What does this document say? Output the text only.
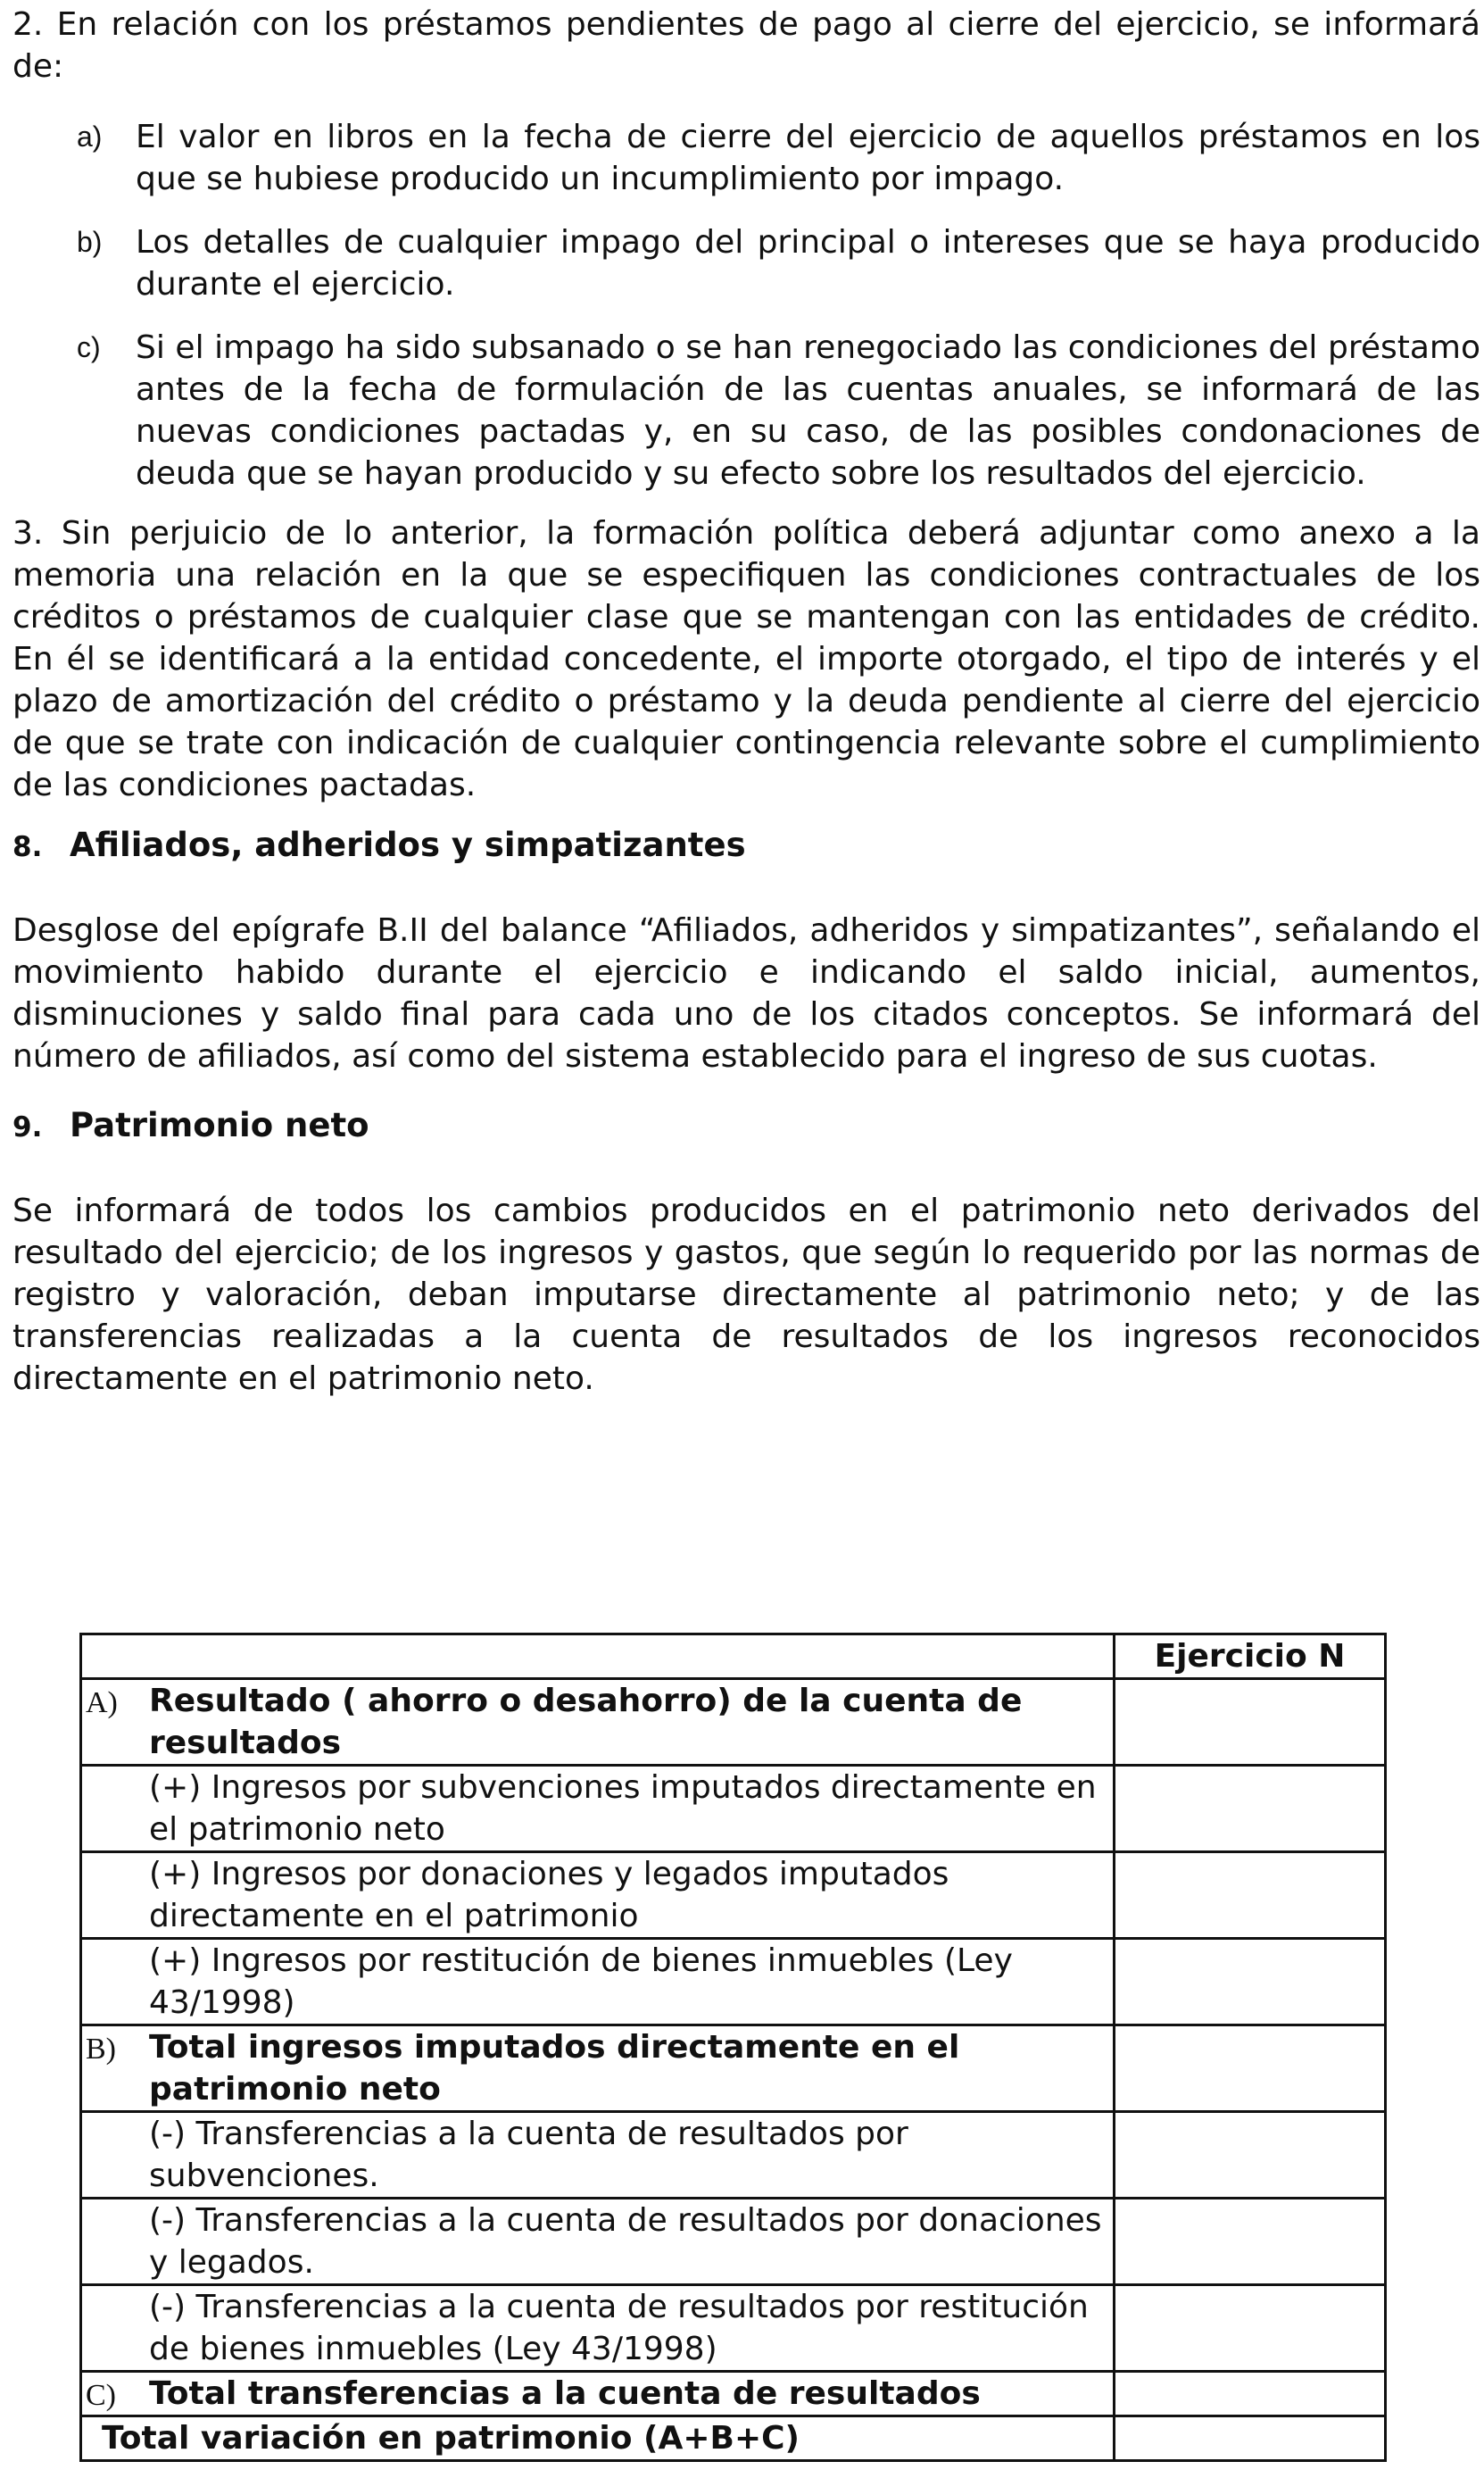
2. En relación con los préstamos pendientes de pago al cierre del ejercicio, se informará de:

a) El valor en libros en la fecha de cierre del ejercicio de aquellos préstamos en los que se hubiese producido un incumplimiento por impago.
b) Los detalles de cualquier impago del principal o intereses que se haya producido durante el ejercicio.
c) Si el impago ha sido subsanado o se han renegociado las condiciones del préstamo antes de la fecha de formulación de las cuentas anuales, se informará de las nuevas condiciones pactadas y, en su caso, de las posibles condonaciones de deuda que se hayan producido y su efecto sobre los resultados del ejercicio.

3. Sin perjuicio de lo anterior, la formación política deberá adjuntar como anexo a la memoria una relación en la que se especifiquen las condiciones contractuales de los créditos o préstamos de cualquier clase que se mantengan con las entidades de crédito. En él se identificará a la entidad concedente, el importe otorgado, el tipo de interés y el plazo de amortización del crédito o préstamo y la deuda pendiente al cierre del ejercicio de que se trate con indicación de cualquier contingencia relevante sobre el cumplimiento de las condiciones pactadas.

8. Afiliados, adheridos y simpatizantes

Desglose del epígrafe B.II del balance “Afiliados, adheridos y simpatizantes”, señalando el movimiento habido durante el ejercicio e indicando el saldo inicial, aumentos, disminuciones y saldo final para cada uno de los citados conceptos. Se informará del número de afiliados, así como del sistema establecido para el ingreso de sus cuotas.

9. Patrimonio neto

Se informará de todos los cambios producidos en el patrimonio neto derivados del resultado del ejercicio; de los ingresos y gastos, que según lo requerido por las normas de registro y valoración, deban imputarse directamente al patrimonio neto; y de las transferencias realizadas a la cuenta de resultados de los ingresos reconocidos directamente en el patrimonio neto.

	Ejercicio N

A) Resultado ( ahorro o desahorro) de la cuenta de resultados	

(+) Ingresos por subvenciones imputados directamente en el patrimonio neto	

(+) Ingresos por donaciones y legados imputados directamente en el patrimonio	

(+) Ingresos por restitución de bienes inmuebles (Ley 43/1998)	

B) Total ingresos imputados directamente en el patrimonio neto	

(-) Transferencias a la cuenta de resultados por subvenciones.	

(-) Transferencias a la cuenta de resultados por donaciones y legados.	

(-) Transferencias a la cuenta de resultados por restitución de bienes inmuebles (Ley 43/1998)	

C) Total transferencias a la cuenta de resultados	

Total variación en patrimonio (A+B+C)	
